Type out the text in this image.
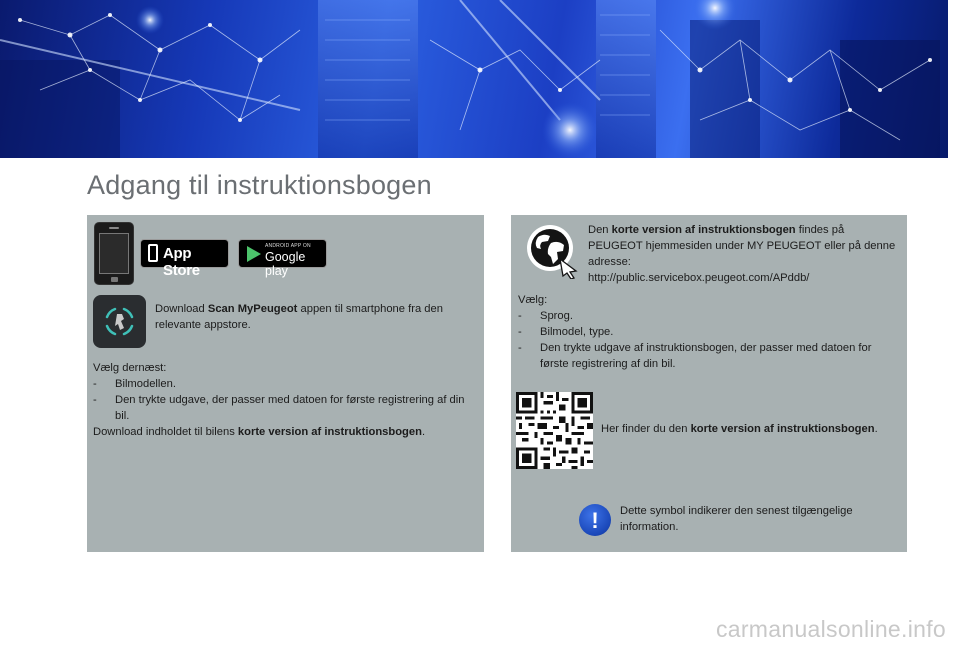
Adgang til instruktionsbogen
App Store
ANDROID APP ON
Google play
Download Scan MyPeugeot appen til smartphone fra den relevante appstore.
Vælg dernæst:
- Bilmodellen.
- Den trykte udgave, der passer med datoen for første registrering af din bil.
Download indholdet til bilens korte version af instruktionsbogen.
Den korte version af instruktionsbogen findes på PEUGEOT hjemmesiden under MY PEUGEOT eller på denne adresse:
http://public.servicebox.peugeot.com/APddb/
Vælg:
- Sprog.
- Bilmodel, type.
- Den trykte udgave af instruktionsbogen, der passer med datoen for første registrering af din bil.
Her finder du den korte version af instruktionsbogen.
!	Dette symbol indikerer den senest tilgængelige information.
carmanualsonline.info
